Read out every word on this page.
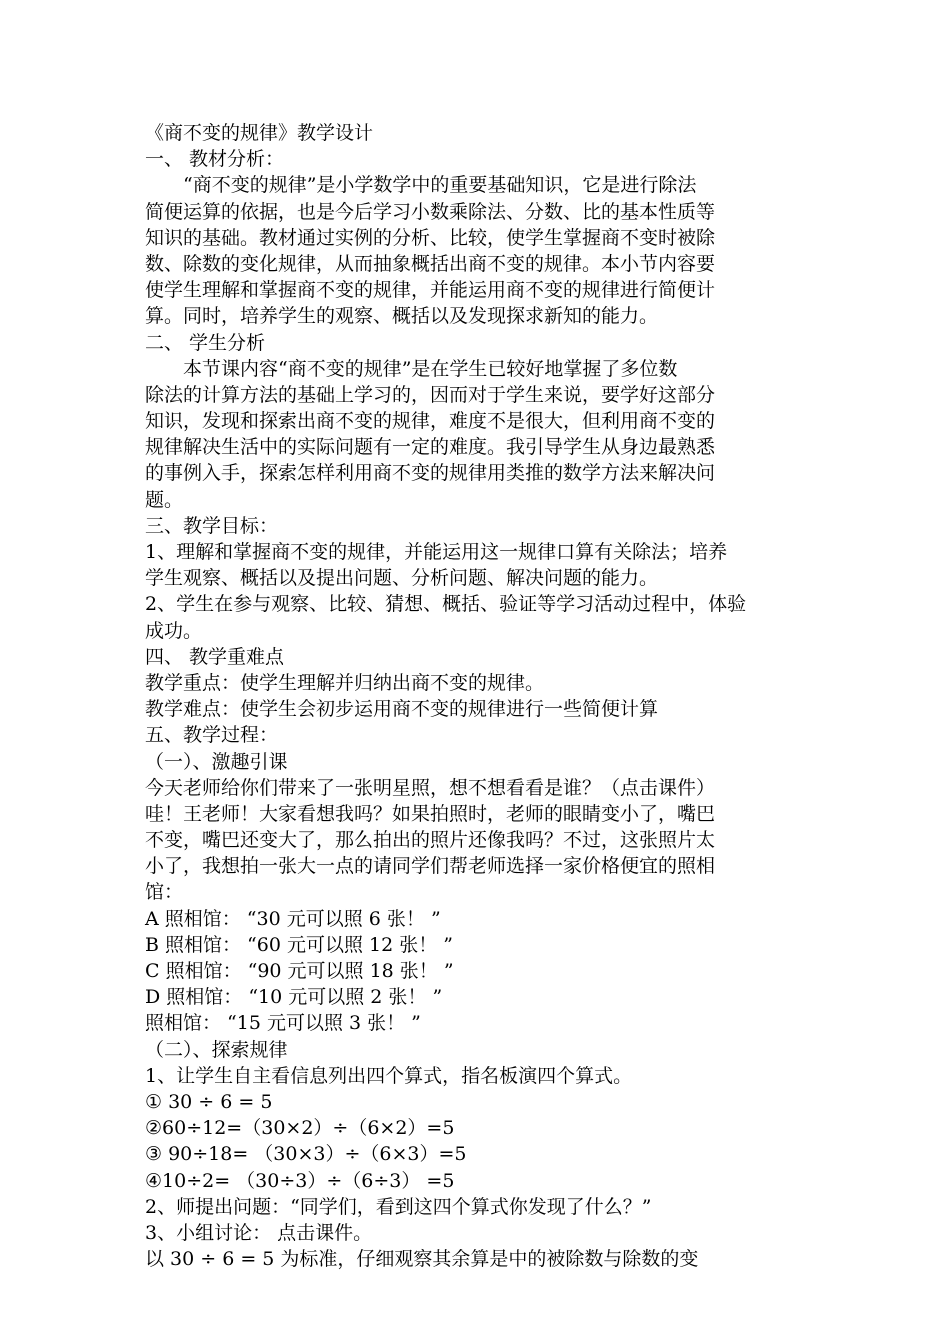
《商不变的规律》教学设计
一、 教材分析：
“商不变的规律”是小学数学中的重要基础知识，它是进行除法
简便运算的依据，也是今后学习小数乘除法、分数、比的基本性质等
知识的基础。教材通过实例的分析、比较，使学生掌握商不变时被除
数、除数的变化规律，从而抽象概括出商不变的规律。本小节内容要
使学生理解和掌握商不变的规律，并能运用商不变的规律进行简便计
算。同时，培养学生的观察、概括以及发现探求新知的能力。
二、 学生分析
本节课内容“商不变的规律”是在学生已较好地掌握了多位数
除法的计算方法的基础上学习的，因而对于学生来说，要学好这部分
知识，发现和探索出商不变的规律，难度不是很大，但利用商不变的
规律解决生活中的实际问题有一定的难度。我引导学生从身边最熟悉
的事例入手，探索怎样利用商不变的规律用类推的数学方法来解决问
题。
三、教学目标：
1、理解和掌握商不变的规律，并能运用这一规律口算有关除法；培养
学生观察、概括以及提出问题、分析问题、解决问题的能力。
2、学生在参与观察、比较、猜想、概括、验证等学习活动过程中，体验
成功。
四、 教学重难点
教学重点：使学生理解并归纳出商不变的规律。
教学难点：使学生会初步运用商不变的规律进行一些简便计算
五、教学过程：
（一）、激趣引课
今天老师给你们带来了一张明星照，想不想看看是谁？（点击课件）
哇！王老师！大家看想我吗？如果拍照时，老师的眼睛变小了，嘴巴
不变，嘴巴还变大了，那么拍出的照片还像我吗？不过，这张照片太
小了，我想拍一张大一点的请同学们帮老师选择一家价格便宜的照相
馆：
A 照相馆： “30 元可以照 6 张！ ”
B 照相馆： “60 元可以照 12 张！ ”
C 照相馆： “90 元可以照 18 张！ ”
D 照相馆： “10 元可以照 2 张！ ”
照相馆： “15 元可以照 3 张！ ”
（二）、探索规律
1、让学生自主看信息列出四个算式，指名板演四个算式。
① 30 ÷ 6 = 5
②60÷12=（30×2）÷（6×2）=5
③ 90÷18= （30×3）÷（6×3）=5
④10÷2= （30÷3）÷（6÷3） =5
2、师提出问题：“同学们，看到这四个算式你发现了什么？”
3、小组讨论： 点击课件。
以 30 ÷ 6 = 5 为标准，仔细观察其余算是中的被除数与除数的变
